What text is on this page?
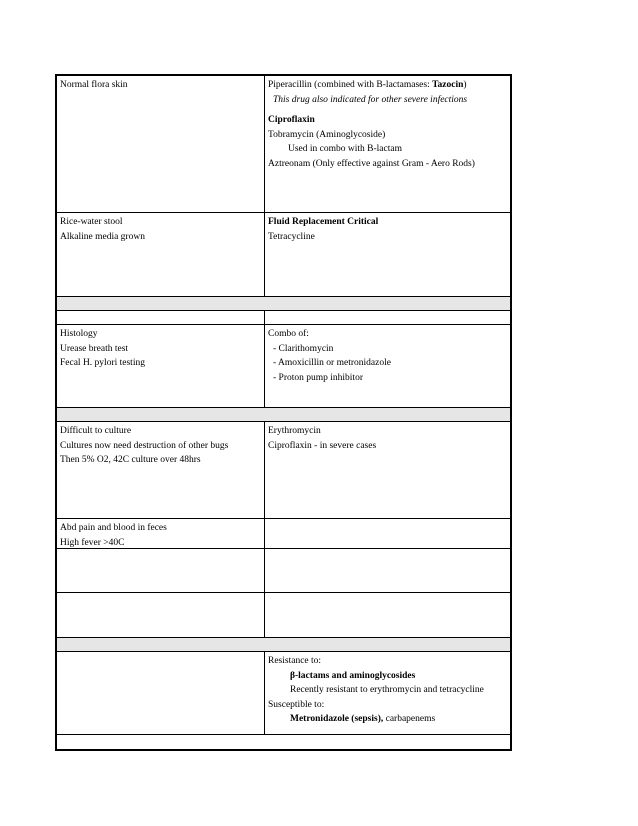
Normal flora skin	Piperacillin (combined with B-lactamases: Tazocin)
This drug also indicated for other severe infections
Ciproflaxin
Tobramycin (Aminoglycoside)
Used in combo with B-lactam
Aztreonam (Only effective against Gram - Aero Rods)
Rice-water stool
Alkaline media grown
Fluid Replacement Critical
Tetracycline
Histology
Urease breath test
Fecal H. pylori testing
Combo of:
- Clarithomycin
- Amoxicillin or metronidazole
- Proton pump inhibitor
Difficult to culture
Cultures now need destruction of other bugs
Then 5% O2, 42C culture over 48hrs
Erythromycin
Ciproflaxin - in severe cases
Abd pain and blood in feces
High fever >40C
Resistance to:
β-lactams and aminoglycosides
Recently resistant to erythromycin and tetracycline
Susceptible to:
Metronidazole (sepsis), carbapenems
